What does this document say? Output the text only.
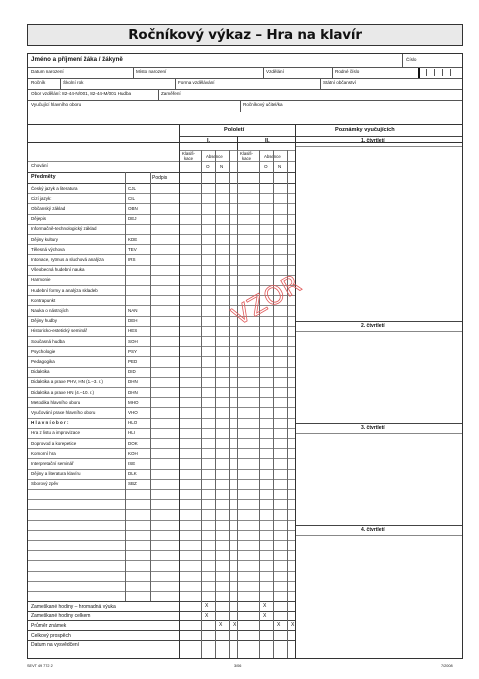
Ročníkový výkaz – Hra na klavír
Jméno a příjmení žáka / žákyně	Číslo
Datum narození	Místo narození	Vzdělání	Rodné číslo
Ročník	Školní rok	Forma vzdělávání	Státní občanství
Obor vzdělání: 82-44-N/001, 82-44-M/001 Hudba	Zaměření
Vyučující hlavního oboru	Ročníkový učitel/ka
Chování
Předměty	Podpis
Pololetí
I.	II.
Klasifi-
kace
Klasifi-
kace
Absence	Absence
O N	O N
Poznámky vyučujících
1. čtvrtletí
2. čtvrtletí
3. čtvrtletí
4. čtvrtletí
Český jazyk a literatura	CJL
Cizí jazyk:	CIL
Občanský základ	OBN
Dějepis	DEJ
Informačně-technologický základ
Dějiny kultury	KDE
Tělesná výchova	TEV
Intonace, rytmus a sluchová analýza	IRS
Všeobecná hudební nauka
Harmonie
Hudební formy a analýza skladeb
Kontrapunkt
Nauka o nástrojích	NAN
Dějiny hudby	DEH
Historicko-estetický seminář	HES
Současná hudba	SOH
Psychologie	PSY
Pedagogika	PED
Didaktika	DID
Didaktika a praxe PHV, HN (1.–3. r.)	DHN
Didaktika a praxe HN (4.–10. r.)	DHN
Metodika hlavního oboru	MHO
Vyučování praxe hlavního oboru	VHO
H l a v n í o b o r :	HLO
Hra z listu a improvizace	HLI
Doprovod a korepetice	DOK
Komorní hra	KOH
Interpretační seminář	ISE
Dějiny a literatura klavíru	DLK
Sborový zpěv	SBZ
Zameškané hodiny – hromadná výuka	X	X
Zameškané hodiny celkem	X	X
Průměr známek	X X	X X
Celkový prospěch
Datum na vysvědčení
VZOR
SEVT 49 772 2	3/06	7/2008
